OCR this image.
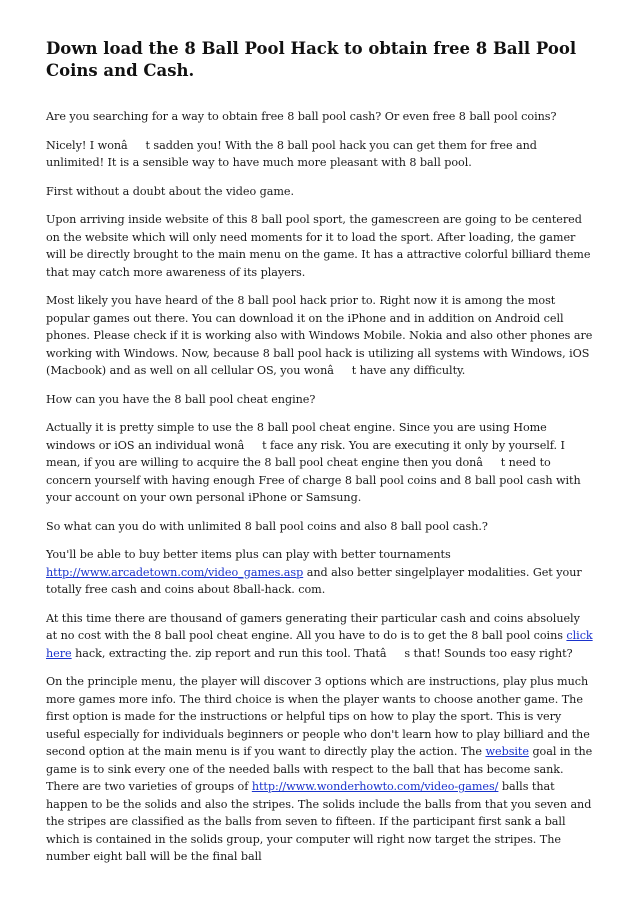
Down load the 8 Ball Pool Hack to obtain free 8 Ball Pool Coins and Cash.

Are you searching for a way to obtain free 8 ball pool cash? Or even free 8 ball pool coins?

Nicely! I wonât sadden you! With the 8 ball pool hack you can get them for free and unlimited! It is a sensible way to have much more pleasant with 8 ball pool.

First without a doubt about the video game.

Upon arriving inside website of this 8 ball pool sport, the gamescreen are going to be centered on the website which will only need moments for it to load the sport. After loading, the gamer will be directly brought to the main menu on the game. It has a attractive colorful billiard theme that may catch more awareness of its players.

Most likely you have heard of the 8 ball pool hack prior to. Right now it is among the most popular games out there. You can download it on the iPhone and in addition on Android cell phones. Please check if it is working also with Windows Mobile. Nokia and also other phones are working with Windows. Now, because 8 ball pool hack is utilizing all systems with Windows, iOS (Macbook) and as well on all cellular OS, you wonât have any difficulty.

How can you have the 8 ball pool cheat engine?

Actually it is pretty simple to use the 8 ball pool cheat engine. Since you are using Home windows or iOS an individual wonât face any risk. You are executing it only by yourself. I mean, if you are willing to acquire the 8 ball pool cheat engine then you donât need to concern yourself with having enough Free of charge 8 ball pool coins and 8 ball pool cash with your account on your own personal iPhone or Samsung.

So what can you do with unlimited 8 ball pool coins and also 8 ball pool cash.?

You'll be able to buy better items plus can play with better tournaments http://www.arcadetown.com/video_games.asp and also better singelplayer modalities. Get your totally free cash and coins about 8ball-hack. com.

At this time there are thousand of gamers generating their particular cash and coins absoluely at no cost with the 8 ball pool cheat engine. All you have to do is to get the 8 ball pool coins click here hack, extracting the. zip report and run this tool. Thatâs that! Sounds too easy right?

On the principle menu, the player will discover 3 options which are instructions, play plus much more games more info. The third choice is when the player wants to choose another game. The first option is made for the instructions or helpful tips on how to play the sport. This is very useful especially for individuals beginners or people who don't learn how to play billiard and the second option at the main menu is if you want to directly play the action. The website goal in the game is to sink every one of the needed balls with respect to the ball that has become sank. There are two varieties of groups of http://www.wonderhowto.com/video-games/ balls that happen to be the solids and also the stripes. The solids include the balls from that you seven and the stripes are classified as the balls from seven to fifteen. If the participant first sank a ball which is contained in the solids group, your computer will right now target the stripes. The number eight ball will be the final ball
